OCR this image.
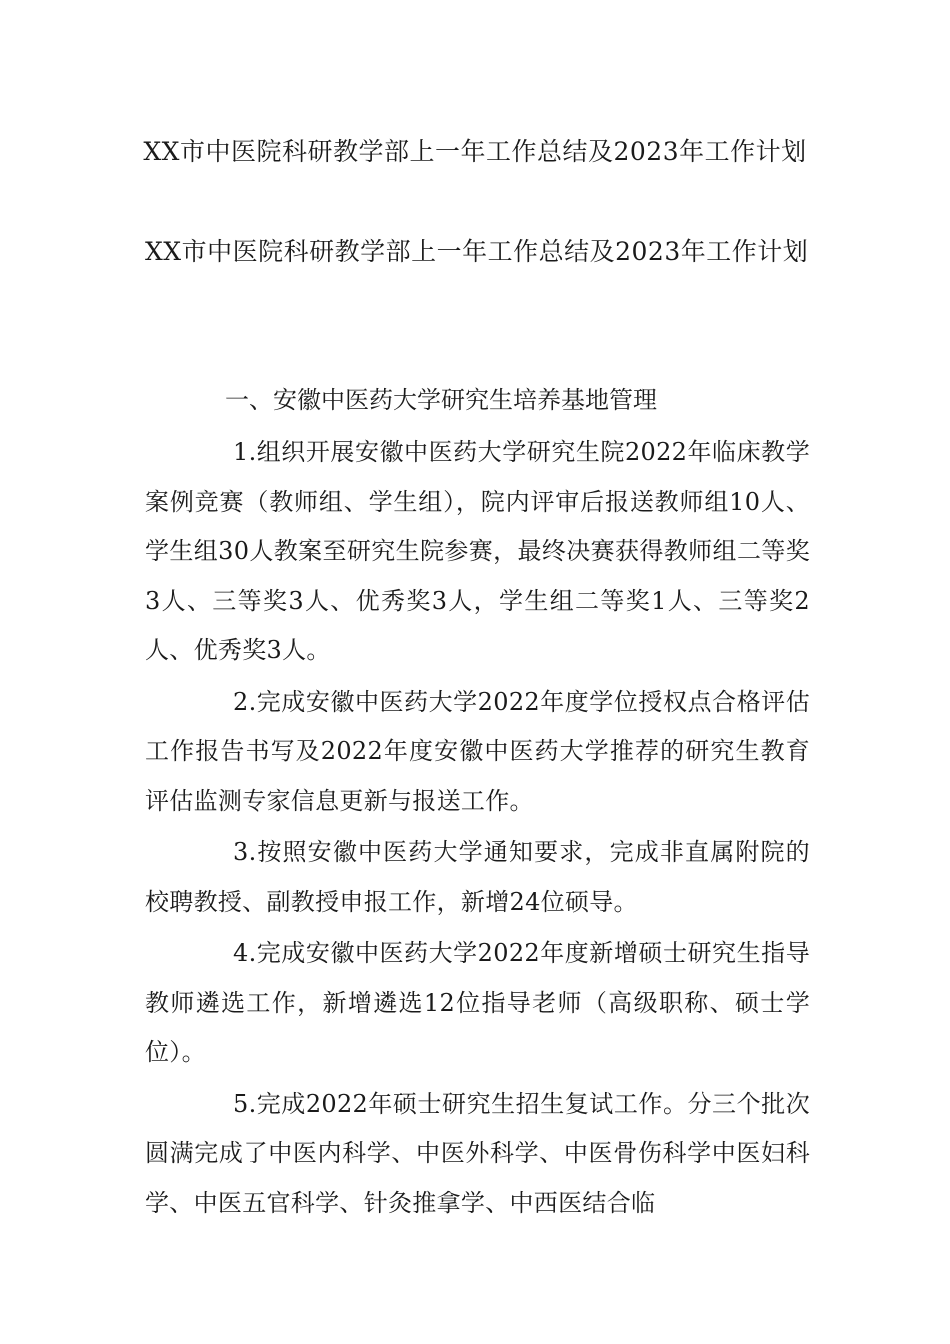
XX市中医院科研教学部上一年工作总结及2023年工作计划

XX市中医院科研教学部上一年工作总结及2023年工作计划

一、安徽中医药大学研究生培养基地管理

1.组织开展安徽中医药大学研究生院2022年临床教学案例竞赛（教师组、学生组），院内评审后报送教师组10人、学生组30人教案至研究生院参赛，最终决赛获得教师组二等奖3人、三等奖3人、优秀奖3人，学生组二等奖1人、三等奖2人、优秀奖3人。

2.完成安徽中医药大学2022年度学位授权点合格评估工作报告书写及2022年度安徽中医药大学推荐的研究生教育评估监测专家信息更新与报送工作。

3.按照安徽中医药大学通知要求，完成非直属附院的校聘教授、副教授申报工作，新增24位硕导。

4.完成安徽中医药大学2022年度新增硕士研究生指导教师遴选工作，新增遴选12位指导老师（高级职称、硕士学位）。

5.完成2022年硕士研究生招生复试工作。分三个批次圆满完成了中医内科学、中医外科学、中医骨伤科学中医妇科学、中医五官科学、针灸推拿学、中西医结合临
